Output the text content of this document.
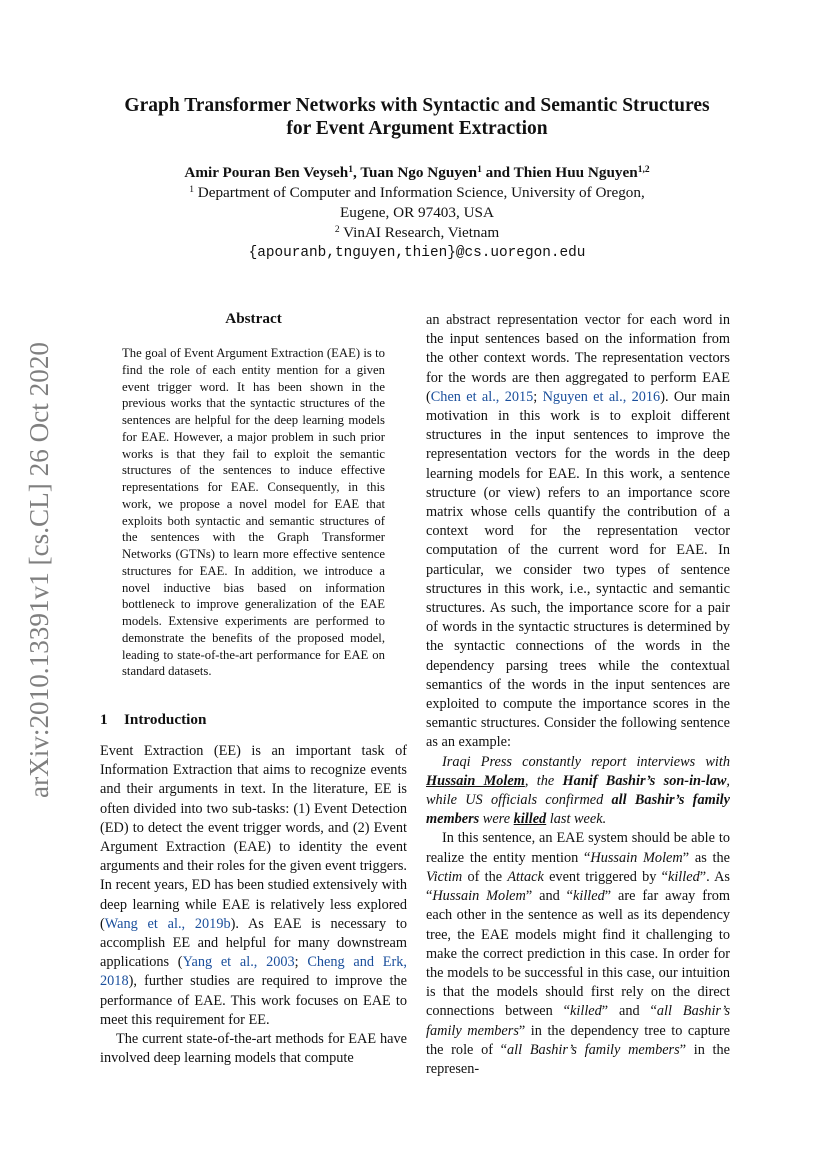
arXiv:2010.13391v1 [cs.CL] 26 Oct 2020
Graph Transformer Networks with Syntactic and Semantic Structures
for Event Argument Extraction
Amir Pouran Ben Veyseh$^1$, Tuan Ngo Nguyen$^1$ and Thien Huu Nguyen$^{1,2}$
$^1$ Department of Computer and Information Science, University of Oregon,
Eugene, OR 97403, USA
$^2$ VinAI Research, Vietnam
{apouranb,tnguyen,thien}@cs.uoregon.edu
Abstract
The goal of Event Argument Extraction (EAE) is to find the role of each entity mention for a given event trigger word. It has been shown in the previous works that the syntactic structures of the sentences are helpful for the deep learning models for EAE. However, a major problem in such prior works is that they fail to exploit the semantic structures of the sentences to induce effective representations for EAE. Consequently, in this work, we propose a novel model for EAE that exploits both syntactic and semantic structures of the sentences with the Graph Transformer Networks (GTNs) to learn more effective sentence structures for EAE. In addition, we introduce a novel inductive bias based on information bottleneck to improve generalization of the EAE models. Extensive experiments are performed to demonstrate the benefits of the proposed model, leading to state-of-the-art performance for EAE on standard datasets.
1 Introduction

Event Extraction (EE) is an important task of Information Extraction that aims to recognize events and their arguments in text. In the literature, EE is often divided into two sub-tasks: (1) Event Detection (ED) to detect the event trigger words, and (2) Event Argument Extraction (EAE) to identity the event arguments and their roles for the given event triggers. In recent years, ED has been studied extensively with deep learning while EAE is relatively less explored (Wang et al., 2019b). As EAE is necessary to accomplish EE and helpful for many downstream applications (Yang et al., 2003; Cheng and Erk, 2018), further studies are required to improve the performance of EAE. This work focuses on EAE to meet this requirement for EE.

The current state-of-the-art methods for EAE have involved deep learning models that compute

an abstract representation vector for each word in the input sentences based on the information from the other context words. The representation vectors for the words are then aggregated to perform EAE (Chen et al., 2015; Nguyen et al., 2016). Our main motivation in this work is to exploit different structures in the input sentences to improve the representation vectors for the words in the deep learning models for EAE. In this work, a sentence structure (or view) refers to an importance score matrix whose cells quantify the contribution of a context word for the representation vector computation of the current word for EAE. In particular, we consider two types of sentence structures in this work, i.e., syntactic and semantic structures. As such, the importance score for a pair of words in the syntactic structures is determined by the syntactic connections of the words in the dependency parsing trees while the contextual semantics of the words in the input sentences are exploited to compute the importance scores in the semantic structures. Consider the following sentence as an example:

Iraqi Press constantly report interviews with Hussain Molem, the Hanif Bashir’s son-in-law, while US officials confirmed all Bashir’s family members were killed last week.

In this sentence, an EAE system should be able to realize the entity mention “Hussain Molem” as the Victim of the Attack event triggered by “killed”. As “Hussain Molem” and “killed” are far away from each other in the sentence as well as its dependency tree, the EAE models might find it challenging to make the correct prediction in this case. In order for the models to be successful in this case, our intuition is that the models should first rely on the direct connections between “killed” and “all Bashir’s family members” in the dependency tree to capture the role of “all Bashir’s family members” in the represen-
